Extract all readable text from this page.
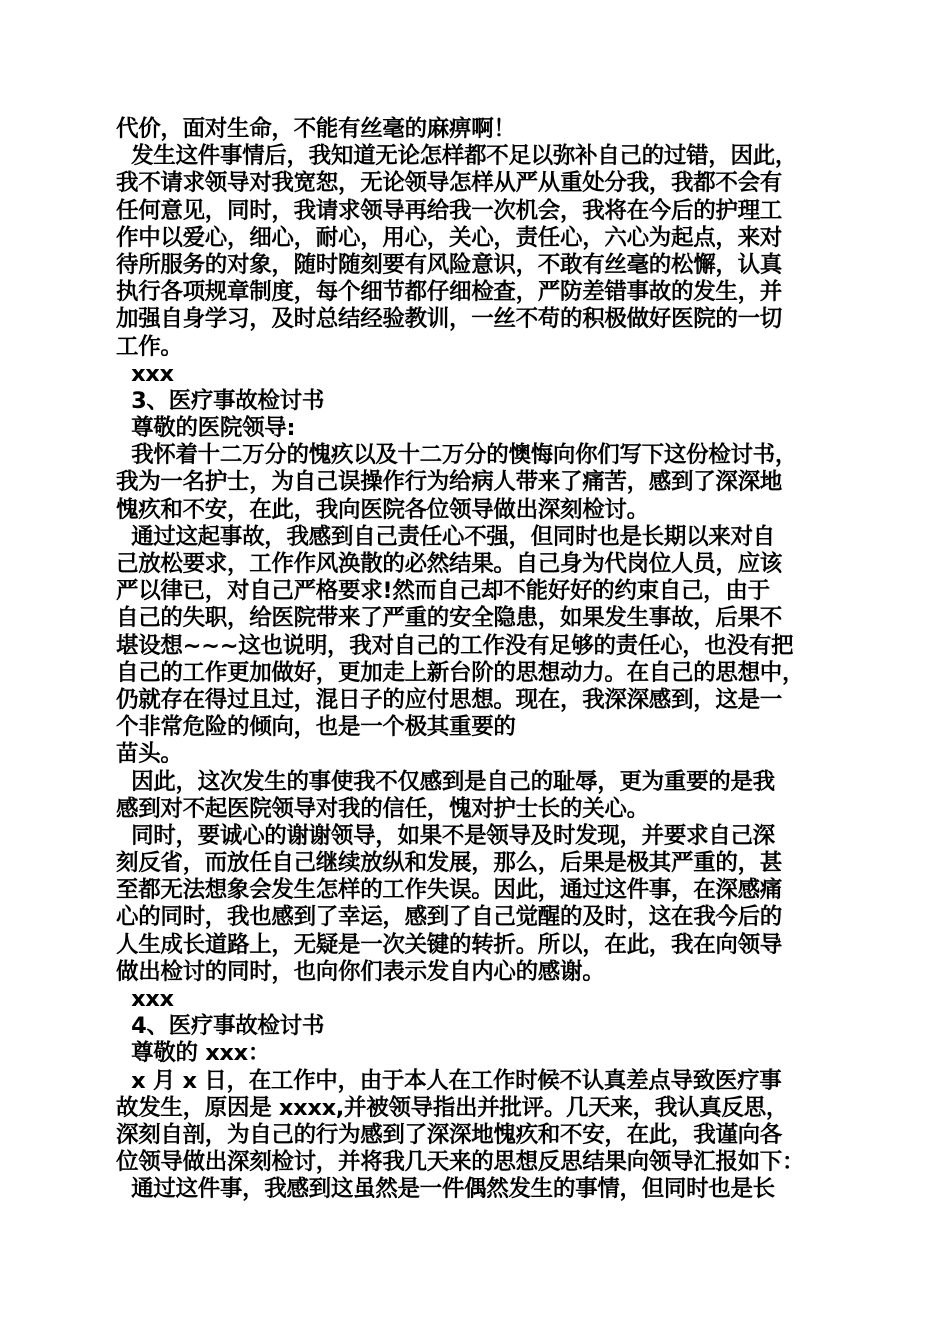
代价，面对生命，不能有丝毫的麻痹啊！
发生这件事情后，我知道无论怎样都不足以弥补自己的过错，因此，
我不请求领导对我宽恕，无论领导怎样从严从重处分我，我都不会有
任何意见，同时，我请求领导再给我一次机会，我将在今后的护理工
作中以爱心，细心，耐心，用心，关心，责任心，六心为起点，来对
待所服务的对象，随时随刻要有风险意识，不敢有丝毫的松懈，认真
执行各项规章制度，每个细节都仔细检查，严防差错事故的发生，并
加强自身学习，及时总结经验教训，一丝不苟的积极做好医院的一切
工作。
xxx
3、医疗事故检讨书
尊敬的医院领导:
我怀着十二万分的愧疚以及十二万分的懊悔向你们写下这份检讨书，
我为一名护士，为自己误操作行为给病人带来了痛苦，感到了深深地
愧疚和不安，在此，我向医院各位领导做出深刻检讨。
通过这起事故，我感到自己责任心不强，但同时也是长期以来对自
己放松要求，工作作风涣散的必然结果。自己身为代岗位人员，应该
严以律已，对自己严格要求!然而自己却不能好好的约束自己，由于
自己的失职，给医院带来了严重的安全隐患，如果发生事故，后果不
堪设想~~~这也说明，我对自己的工作没有足够的责任心，也没有把
自己的工作更加做好，更加走上新台阶的思想动力。在自己的思想中，
仍就存在得过且过，混日子的应付思想。现在，我深深感到，这是一
个非常危险的倾向，也是一个极其重要的
苗头。
因此，这次发生的事使我不仅感到是自己的耻辱，更为重要的是我
感到对不起医院领导对我的信任，愧对护士长的关心。
同时，要诚心的谢谢领导，如果不是领导及时发现，并要求自己深
刻反省，而放任自己继续放纵和发展，那么，后果是极其严重的，甚
至都无法想象会发生怎样的工作失误。因此，通过这件事，在深感痛
心的同时，我也感到了幸运，感到了自己觉醒的及时，这在我今后的
人生成长道路上，无疑是一次关键的转折。所以，在此，我在向领导
做出检讨的同时，也向你们表示发自内心的感谢。
xxx
4、医疗事故检讨书
尊敬的 xxx：
x 月 x 日，在工作中，由于本人在工作时候不认真差点导致医疗事
故发生，原因是 xxxx,并被领导指出并批评。几天来，我认真反思，
深刻自剖，为自己的行为感到了深深地愧疚和不安，在此，我谨向各
位领导做出深刻检讨，并将我几天来的思想反思结果向领导汇报如下：
通过这件事，我感到这虽然是一件偶然发生的事情，但同时也是长
